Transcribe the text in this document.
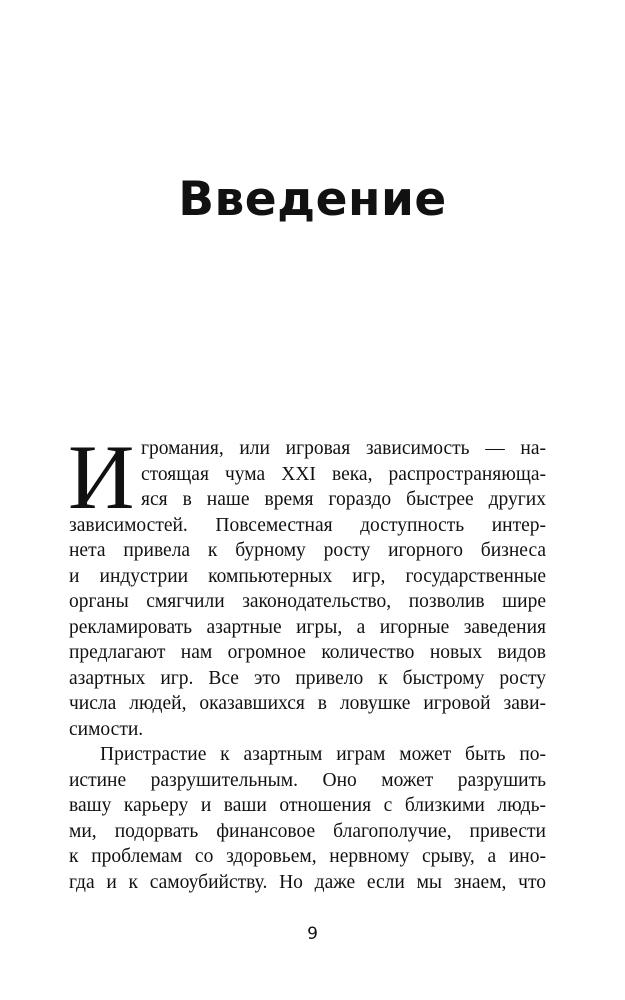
Введение
И громания, или игровая зависимость — на-
стоящая чума XXI века, распространяюща-
яся в наше время гораздо быстрее других
зависимостей. Повсеместная доступность интер-
нета привела к бурному росту игорного бизнеса
и индустрии компьютерных игр, государственные
органы смягчили законодательство, позволив шире
рекламировать азартные игры, а игорные заведения
предлагают нам огромное количество новых видов
азартных игр. Все это привело к быстрому росту
числа людей, оказавшихся в ловушке игровой зави-
симости.
Пристрастие к азартным играм может быть по-
истине разрушительным. Оно может разрушить
вашу карьеру и ваши отношения с близкими людь-
ми, подорвать финансовое благополучие, привести
к проблемам со здоровьем, нервному срыву, а ино-
гда и к самоубийству. Но даже если мы знаем, что
9
